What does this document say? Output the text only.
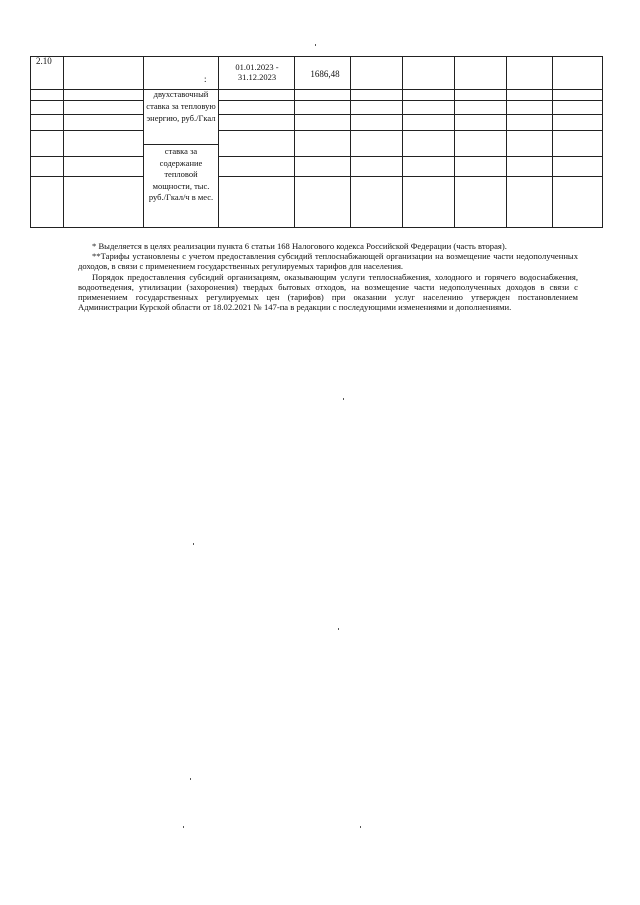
2.10
:
01.01.2023 - 31.12.2023	1686,48
двухставочный
ставка за тепловую энергию, руб./Гкал
ставка за содержание тепловой мощности, тыс. руб./Гкал/ч в мес.

* Выделяется в целях реализации пункта 6 статьи 168 Налогового кодекса Российской Федерации (часть вторая).

**Тарифы установлены с учетом предоставления субсидий теплоснабжающей организации на возмещение части недополученных доходов, в связи с применением государственных регулируемых тарифов для населения.

Порядок предоставления субсидий организациям, оказывающим услуги теплоснабжения, холодного и горячего водоснабжения, водоотведения, утилизации (захоронения) твердых бытовых отходов, на возмещение части недополученных доходов в связи с применением государственных регулируемых цен (тарифов) при оказании услуг населению утвержден постановлением Администрации Курской области от 18.02.2021 № 147-па в редакции с последующими изменениями и дополнениями.
